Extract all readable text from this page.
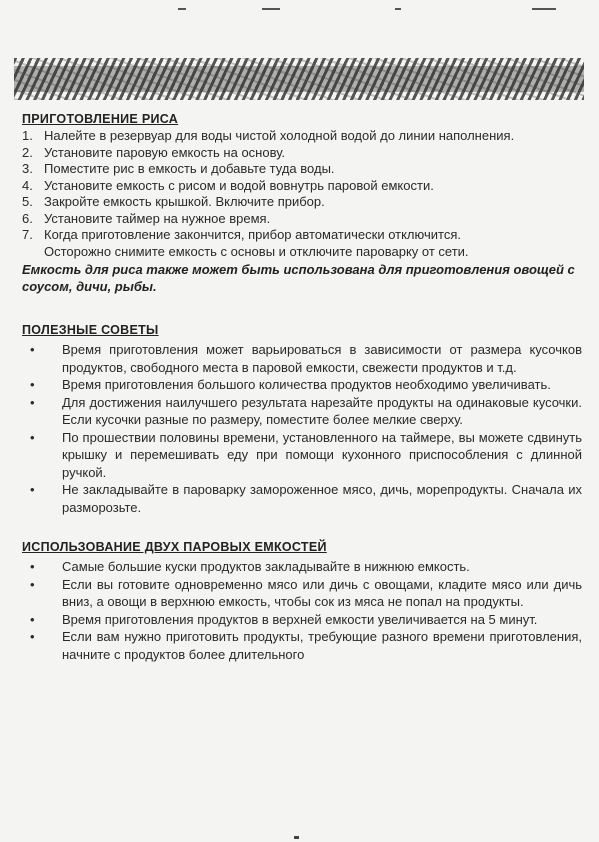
ПРИГОТОВЛЕНИЕ РИСА
1. Налейте в резервуар для воды чистой холодной водой до линии наполнения.
2. Установите паровую емкость на основу.
3. Поместите рис в емкость и добавьте туда воды.
4. Установите емкость с рисом и водой вовнутрь паровой емкости.
5. Закройте емкость крышкой. Включите прибор.
6. Установите таймер на нужное время.
7. Когда приготовление закончится, прибор автоматически отключится.
Осторожно снимите емкость с основы и отключите пароварку от сети.
Емкость для риса также может быть использована для приготовления овощей с соусом, дичи, рыбы.
ПОЛЕЗНЫЕ СОВЕТЫ
• Время приготовления может варьироваться в зависимости от размера кусочков продуктов, свободного места в паровой емкости, свежести продуктов и т.д.
• Время приготовления большого количества продуктов необходимо увеличивать.
• Для достижения наилучшего результата нарезайте продукты на одинаковые кусочки. Если кусочки разные по размеру, поместите более мелкие сверху.
• По прошествии половины времени, установленного на таймере, вы можете сдвинуть крышку и перемешивать еду при помощи кухонного приспособления с длинной ручкой.
• Не закладывайте в пароварку замороженное мясо, дичь, морепродукты. Сначала их разморозьте.
ИСПОЛЬЗОВАНИЕ ДВУХ ПАРОВЫХ ЕМКОСТЕЙ
• Самые большие куски продуктов закладывайте в нижнюю емкость.
• Если вы готовите одновременно мясо или дичь с овощами, кладите мясо или дичь вниз, а овощи в верхнюю емкость, чтобы сок из мяса не попал на продукты.
• Время приготовления продуктов в верхней емкости увеличивается на 5 минут.
• Если вам нужно приготовить продукты, требующие разного времени приготовления, начните с продуктов более длительного
